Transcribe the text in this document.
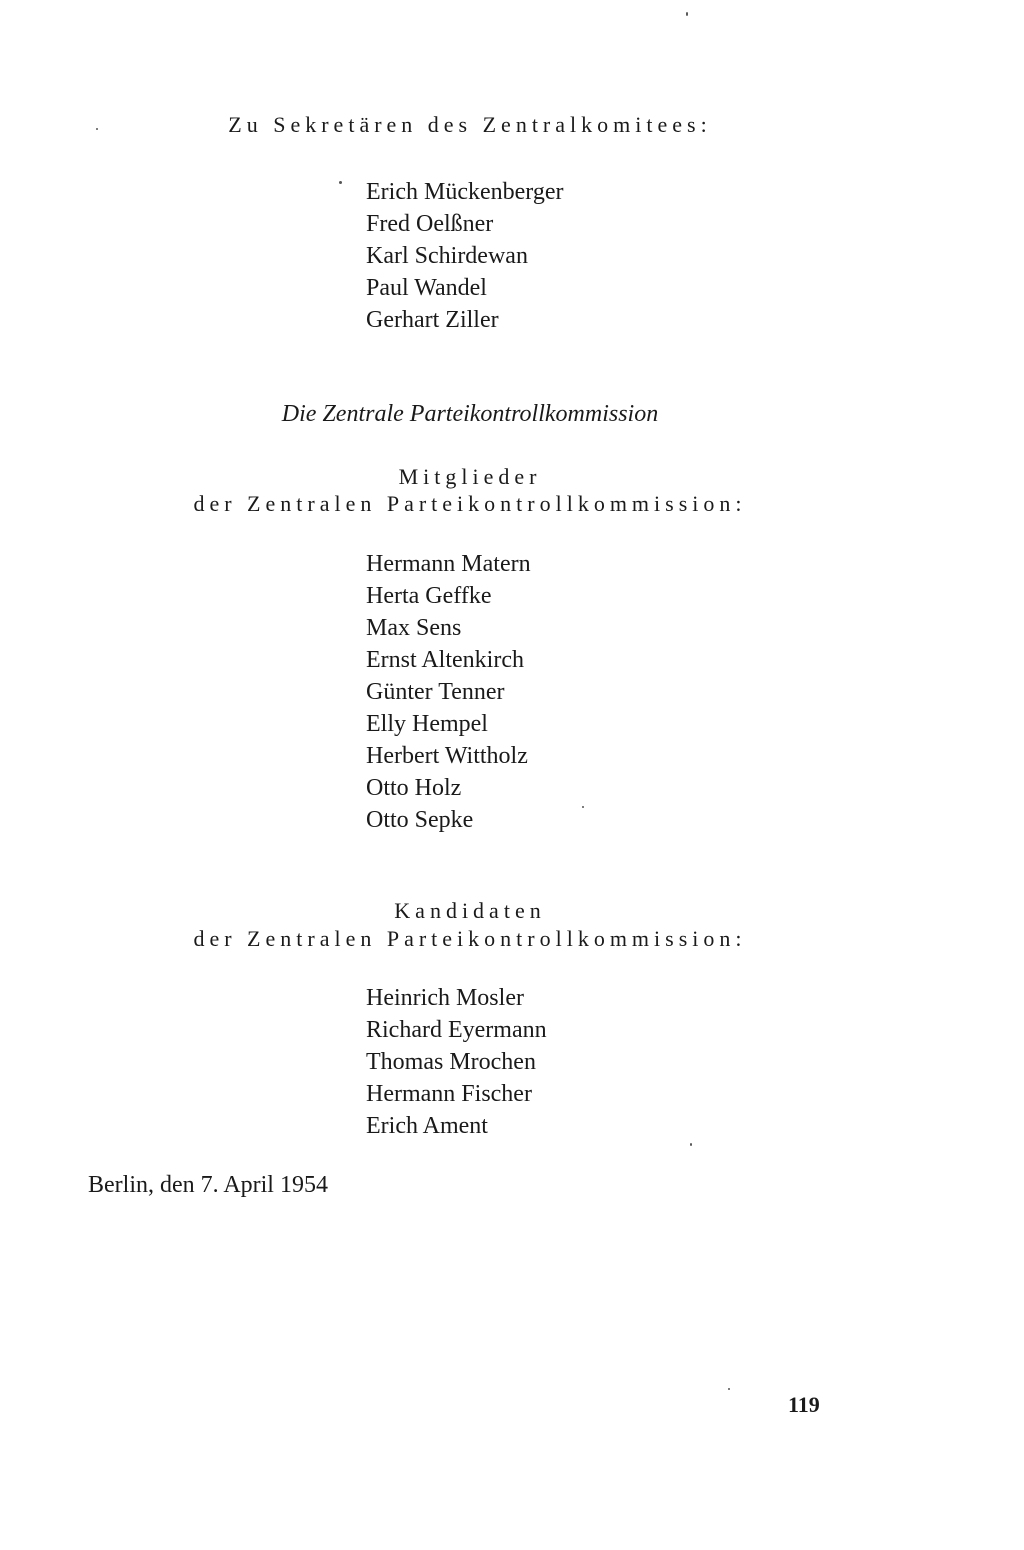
Zu Sekretären des Zentralkomitees:
Erich Mückenberger
Fred Oelßner
Karl Schirdewan
Paul Wandel
Gerhart Ziller
Die Zentrale Parteikontrollkommission
Mitglieder
der Zentralen Parteikontrollkommission:
Hermann Matern
Herta Geffke
Max Sens
Ernst Altenkirch
Günter Tenner
Elly Hempel
Herbert Wittholz
Otto Holz
Otto Sepke
Kandidaten
der Zentralen Parteikontrollkommission:
Heinrich Mosler
Richard Eyermann
Thomas Mrochen
Hermann Fischer
Erich Ament
Berlin, den 7. April 1954
119
